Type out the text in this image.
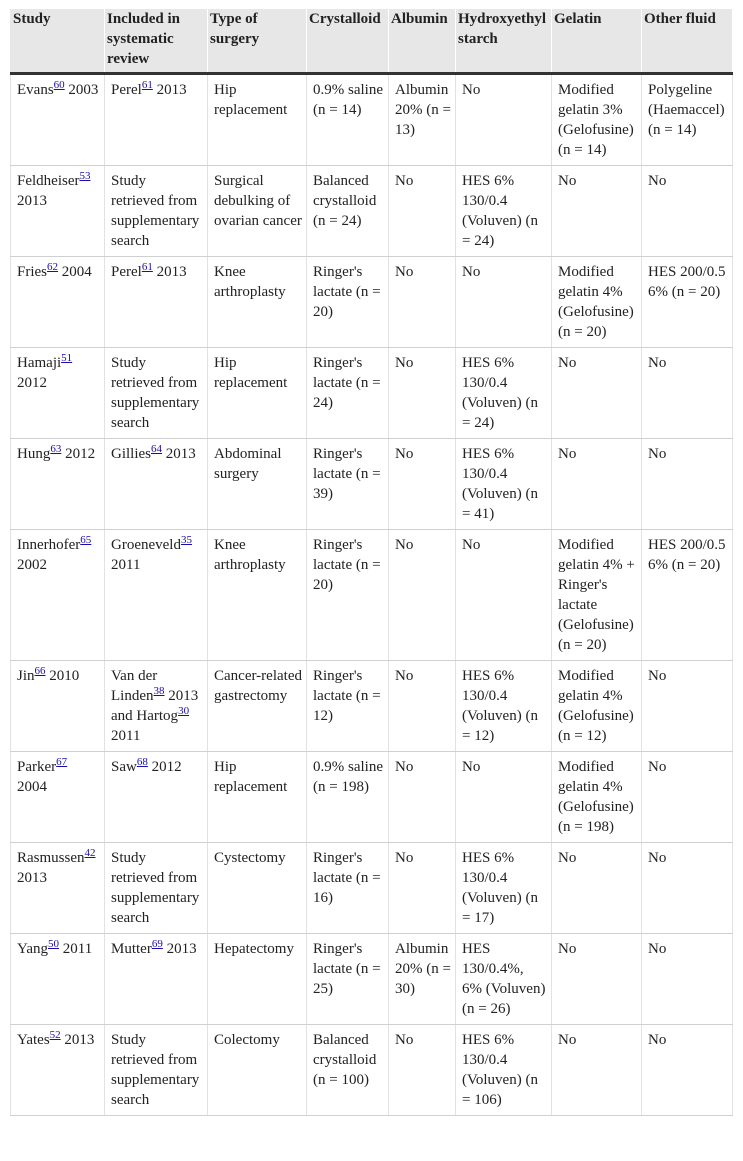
Study	Included in systematic review	Type of surgery	Crystalloid	Albumin	Hydroxyethyl starch	Gelatin	Other fluid
Evans$^{60}$ 2003	Perel$^{61}$ 2013	Hip replacement	0.9% saline (n = 14)	Albumin 20% (n = 13)	No	Modified gelatin 3% (Gelofusine) (n = 14)	Polygeline (Haemaccel) (n = 14)
Feldheiser$^{53}$ 2013	Study retrieved from supplementary search	Surgical debulking of ovarian cancer	Balanced crystalloid (n = 24)	No	HES 6% 130/0.4 (Voluven) (n = 24)	No	No
Fries$^{62}$ 2004	Perel$^{61}$ 2013	Knee arthroplasty	Ringer's lactate (n = 20)	No	No	Modified gelatin 4% (Gelofusine) (n = 20)	HES 200/0.5 6% (n = 20)
Hamaji$^{51}$ 2012	Study retrieved from supplementary search	Hip replacement	Ringer's lactate (n = 24)	No	HES 6% 130/0.4 (Voluven) (n = 24)	No	No
Hung$^{63}$ 2012	Gillies$^{64}$ 2013	Abdominal surgery	Ringer's lactate (n = 39)	No	HES 6% 130/0.4 (Voluven) (n = 41)	No	No
Innerhofer$^{65}$ 2002	Groeneveld$^{35}$ 2011	Knee arthroplasty	Ringer's lactate (n = 20)	No	No	Modified gelatin 4% + Ringer's lactate (Gelofusine) (n = 20)	HES 200/0.5 6% (n = 20)
Jin$^{66}$ 2010	Van der Linden$^{38}$ 2013 and Hartog$^{30}$ 2011	Cancer-related gastrectomy	Ringer's lactate (n = 12)	No	HES 6% 130/0.4 (Voluven) (n = 12)	Modified gelatin 4% (Gelofusine) (n = 12)	No
Parker$^{67}$ 2004	Saw$^{68}$ 2012	Hip replacement	0.9% saline (n = 198)	No	No	Modified gelatin 4% (Gelofusine) (n = 198)	No
Rasmussen$^{42}$ 2013	Study retrieved from supplementary search	Cystectomy	Ringer's lactate (n = 16)	No	HES 6% 130/0.4 (Voluven) (n = 17)	No	No
Yang$^{50}$ 2011	Mutter$^{69}$ 2013	Hepatectomy	Ringer's lactate (n = 25)	Albumin 20% (n = 30)	HES 130/0.4%, 6% (Voluven) (n = 26)	No	No
Yates$^{52}$ 2013	Study retrieved from supplementary search	Colectomy	Balanced crystalloid (n = 100)	No	HES 6% 130/0.4 (Voluven) (n = 106)	No	No
